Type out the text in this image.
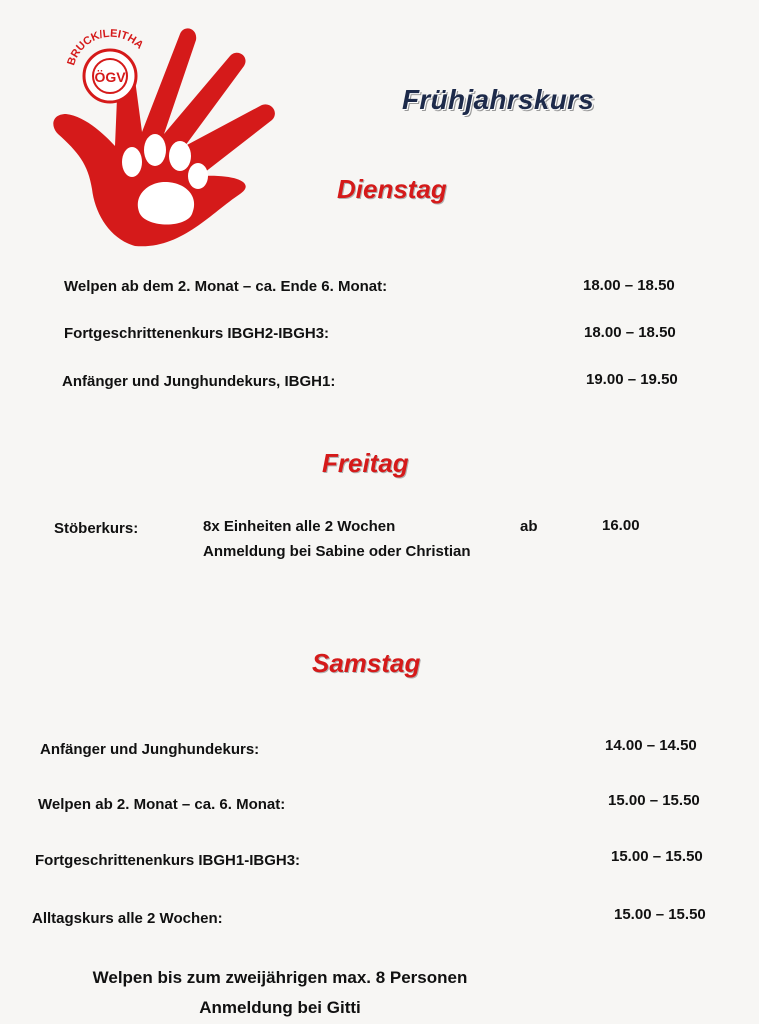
ÖGV
BRUCK/LEITHA
Frühjahrskurs
Dienstag
Welpen ab dem 2. Monat – ca. Ende 6. Monat:	18.00 – 18.50
Fortgeschrittenenkurs IBGH2-IBGH3:	18.00 – 18.50
Anfänger und Junghundekurs, IBGH1:	19.00 – 19.50
Freitag
Stöberkurs:	8x Einheiten alle 2 Wochen	ab	16.00
Anmeldung bei Sabine oder Christian
Samstag
Anfänger und Junghundekurs:	14.00 – 14.50
Welpen ab 2. Monat – ca. 6. Monat:	15.00 – 15.50
Fortgeschrittenenkurs IBGH1-IBGH3:	15.00 – 15.50
Alltagskurs alle 2 Wochen:	15.00 – 15.50
Welpen bis zum zweijährigen max. 8 Personen
Anmeldung bei Gitti
